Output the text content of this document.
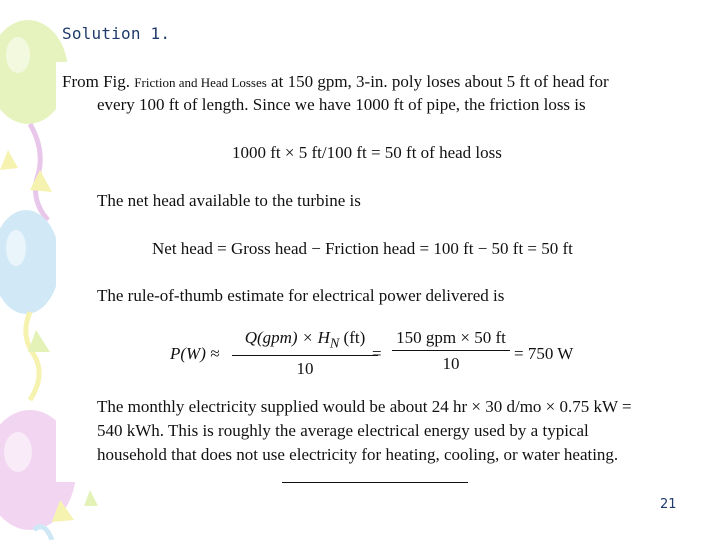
Solution 1.
From Fig. Friction and Head Losses at 150 gpm, 3-in. poly loses about 5 ft of head for
every 100 ft of length. Since we have 1000 ft of pipe, the friction loss is
1000 ft × 5 ft/100 ft = 50 ft of head loss
The net head available to the turbine is
Net head = Gross head − Friction head = 100 ft − 50 ft = 50 ft
The rule-of-thumb estimate for electrical power delivered is
P(W) ≈
$Q(gpm) \times H_N$ (ft)
10
=
150 gpm × 50 ft
10
= 750 W
The monthly electricity supplied would be about 24 hr × 30 d/mo × 0.75 kW =
540 kWh. This is roughly the average electrical energy used by a typical
household that does not use electricity for heating, cooling, or water heating.
21
